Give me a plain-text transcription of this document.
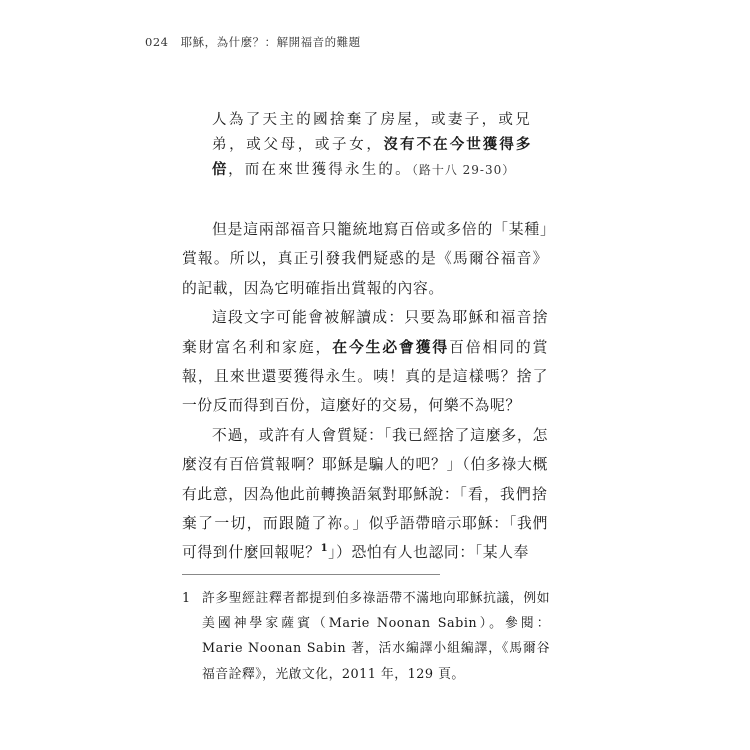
024 耶穌，為什麼？：解開福音的難題
人為了天主的國捨棄了房屋，或妻子，或兄弟，或父母，或子女，沒有不在今世獲得多倍，而在來世獲得永生的。（路十八 29-30）

但是這兩部福音只籠統地寫百倍或多倍的「某種」賞報。所以，真正引發我們疑惑的是《馬爾谷福音》的記載，因為它明確指出賞報的內容。

這段文字可能會被解讀成：只要為耶穌和福音捨棄財富名利和家庭，在今生必會獲得百倍相同的賞報，且來世還要獲得永生。咦！真的是這樣嗎？捨了一份反而得到百份，這麼好的交易，何樂不為呢？

不過，或許有人會質疑：「我已經捨了這麼多，怎麼沒有百倍賞報啊？耶穌是騙人的吧？」（伯多祿大概有此意，因為他此前轉換語氣對耶穌說：「看，我們捨棄了一切，而跟隨了祢。」似乎語帶暗示耶穌：「我們可得到什麼回報呢？$^1$」）恐怕有人也認同：「某人奉

1 許多聖經註釋者都提到伯多祿語帶不滿地向耶穌抗議，例如美國神學家薩賓（Marie Noonan Sabin）。參閱：Marie Noonan Sabin 著，活水編譯小組編譯，《馬爾谷福音詮釋》，光啟文化，2011 年，129 頁。
